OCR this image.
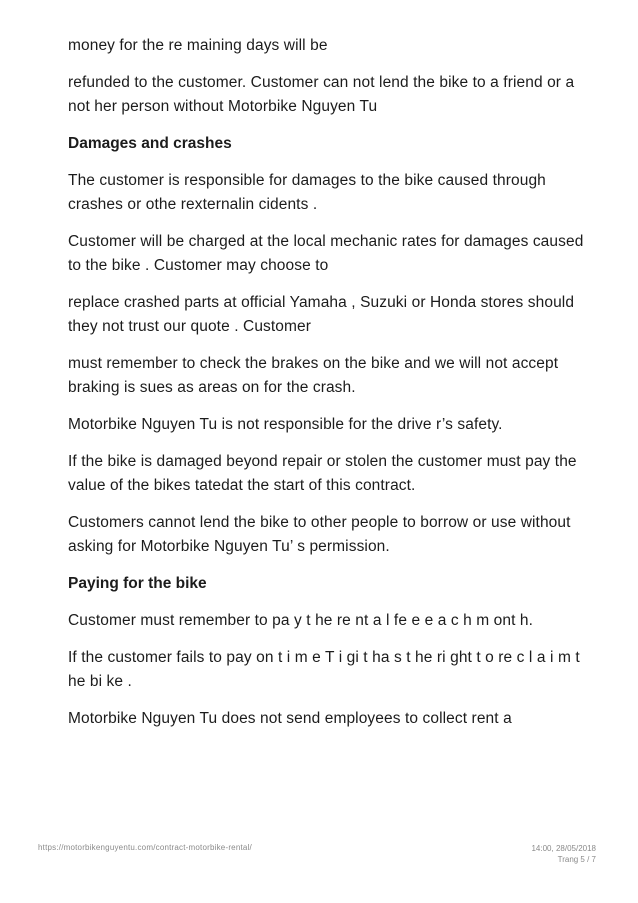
money for the re maining days will be

refunded to the customer. Customer can not lend the bike to a friend or a not her person without Motorbike Nguyen Tu

Damages and crashes

The customer is responsible for damages to the bike caused through crashes or othe rexternalin cidents .

Customer will be charged at the local mechanic rates for damages caused to the bike . Customer may choose to

replace crashed parts at official Yamaha , Suzuki or Honda stores should they not trust our quote . Customer

must remember to check the brakes on the bike and we will not accept braking is sues as areas on for the crash.

Motorbike Nguyen Tu is not responsible for the drive r’s safety.

If the bike is damaged beyond repair or stolen the customer must pay the value of the bikes tatedat the start of this contract.

Customers cannot lend the bike to other people to borrow or use without asking for Motorbike Nguyen Tu’ s permission.

Paying for the bike

Customer must remember to pa y t he re nt a l fe e e a c h m ont h.

If the customer fails to pay on t i m e T i gi t ha s t he ri ght t o re c l a i m t he bi ke .

Motorbike Nguyen Tu does not send employees to collect rent a

https://motorbikenguyentu.com/contract-motorbike-rental/	14:00, 28/05/2018
Trang 5 / 7
